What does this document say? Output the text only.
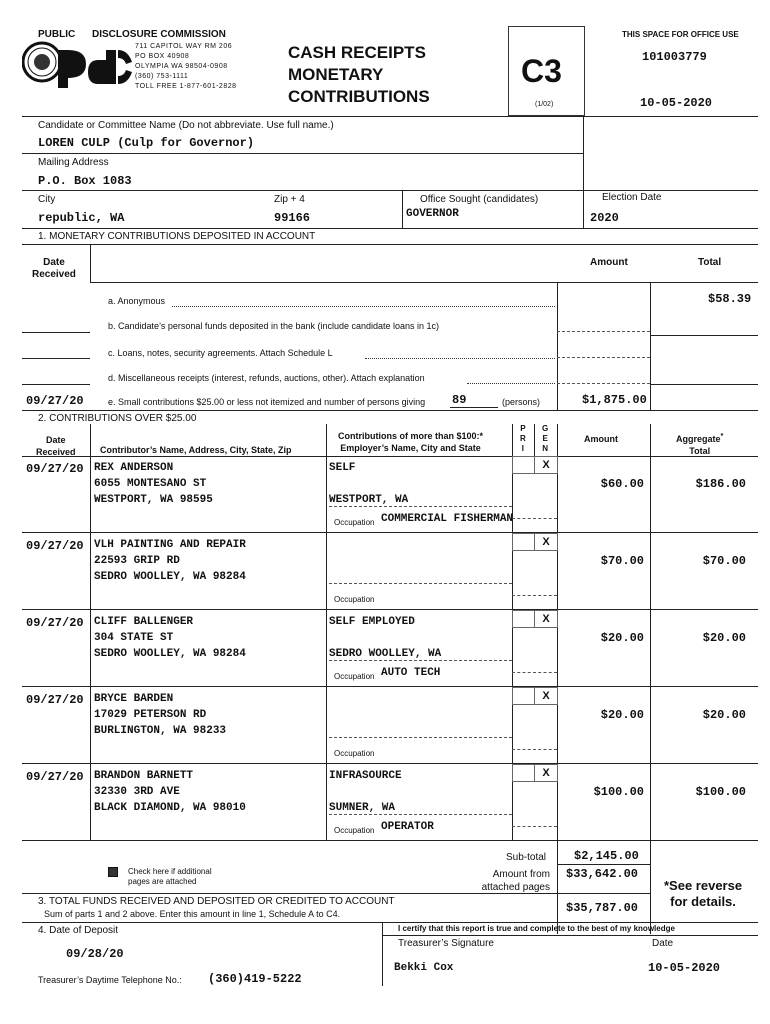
PUBLIC DISCLOSURE COMMISSION
711 CAPITOL WAY RM 206
PO BOX 40908
OLYMPIA WA 98504-0908
(360) 753-1111
TOLL FREE 1-877-601-2828
CASH RECEIPTS
MONETARY
CONTRIBUTIONS
C3
(1/02)
THIS SPACE FOR OFFICE USE
101003779
10-05-2020
Candidate or Committee Name (Do not abbreviate. Use full name.)
LOREN CULP (Culp for Governor)
Mailing Address
P.O. Box 1083
City
republic, WA
Zip + 4
99166
Office Sought (candidates)
GOVERNOR
Election Date
2020
1. MONETARY CONTRIBUTIONS DEPOSITED IN ACCOUNT
Date
Received
Amount	Total
a. Anonymous	$58.39
b. Candidate’s personal funds deposited in the bank (include candidate loans in 1c)
c. Loans, notes, security agreements. Attach Schedule L
d. Miscellaneous receipts (interest, refunds, auctions, other). Attach explanation
09/27/20	e. Small contributions $25.00 or less not itemized and number of persons giving 89	(persons)	$1,875.00
2. CONTRIBUTIONS OVER $25.00
Date
Received	Contributor’s Name, Address, City, State, Zip
Contributions of more than $100:*
Employer’s Name, City and State
P
R
I
G
E
N
Amount	Aggregate*
Total
09/27/20 REX ANDERSON
6055 MONTESANO ST
WESTPORT, WA 98595
SELF
WESTPORT, WA
Occupation COMMERCIAL FISHERMAN
X
$60.00	$186.00
09/27/20 VLH PAINTING AND REPAIR
22593 GRIP RD
SEDRO WOOLLEY, WA 98284
Occupation
X
$70.00	$70.00
09/27/20 CLIFF BALLENGER
304 STATE ST
SEDRO WOOLLEY, WA 98284
SELF EMPLOYED
SEDRO WOOLLEY, WA
Occupation AUTO TECH
X
$20.00	$20.00
09/27/20 BRYCE BARDEN
17029 PETERSON RD
BURLINGTON, WA 98233
Occupation
X
$20.00	$20.00
09/27/20 BRANDON BARNETT
32330 3RD AVE
BLACK DIAMOND, WA 98010
INFRASOURCE
SUMNER, WA
Occupation OPERATOR
X
$100.00	$100.00
Check here if additional
pages are attached
Sub-total $2,145.00
Amount from
attached pages
$33,642.00
*See reverse
for details.
3. TOTAL FUNDS RECEIVED AND DEPOSITED OR CREDITED TO ACCOUNT
Sum of parts 1 and 2 above. Enter this amount in line 1, Schedule A to C4.	$35,787.00
4. Date of Deposit
09/28/20
Treasurer’s Daytime Telephone No.: (360)419-5222
I certify that this report is true and complete to the best of my knowledge
Treasurer’s Signature	Date
Bekki Cox	10-05-2020
